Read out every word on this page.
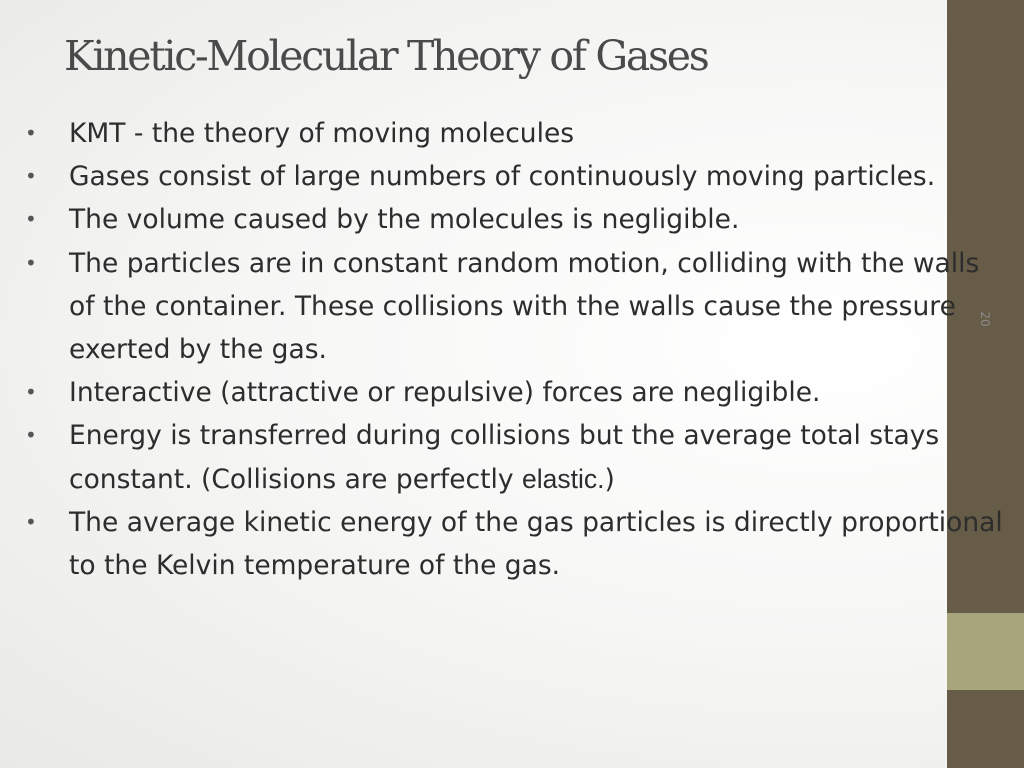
20
Kinetic-Molecular Theory of Gases
• KMT - the theory of moving molecules
• Gases consist of large numbers of continuously moving particles.
• The volume caused by the molecules is negligible.
• The particles are in constant random motion, colliding with the walls of the container. These collisions with the walls cause the pressure exerted by the gas.
• Interactive (attractive or repulsive) forces are negligible.
• Energy is transferred during collisions but the average total stays constant. (Collisions are perfectly elastic.)
• The average kinetic energy of the gas particles is directly proportional to the Kelvin temperature of the gas.
